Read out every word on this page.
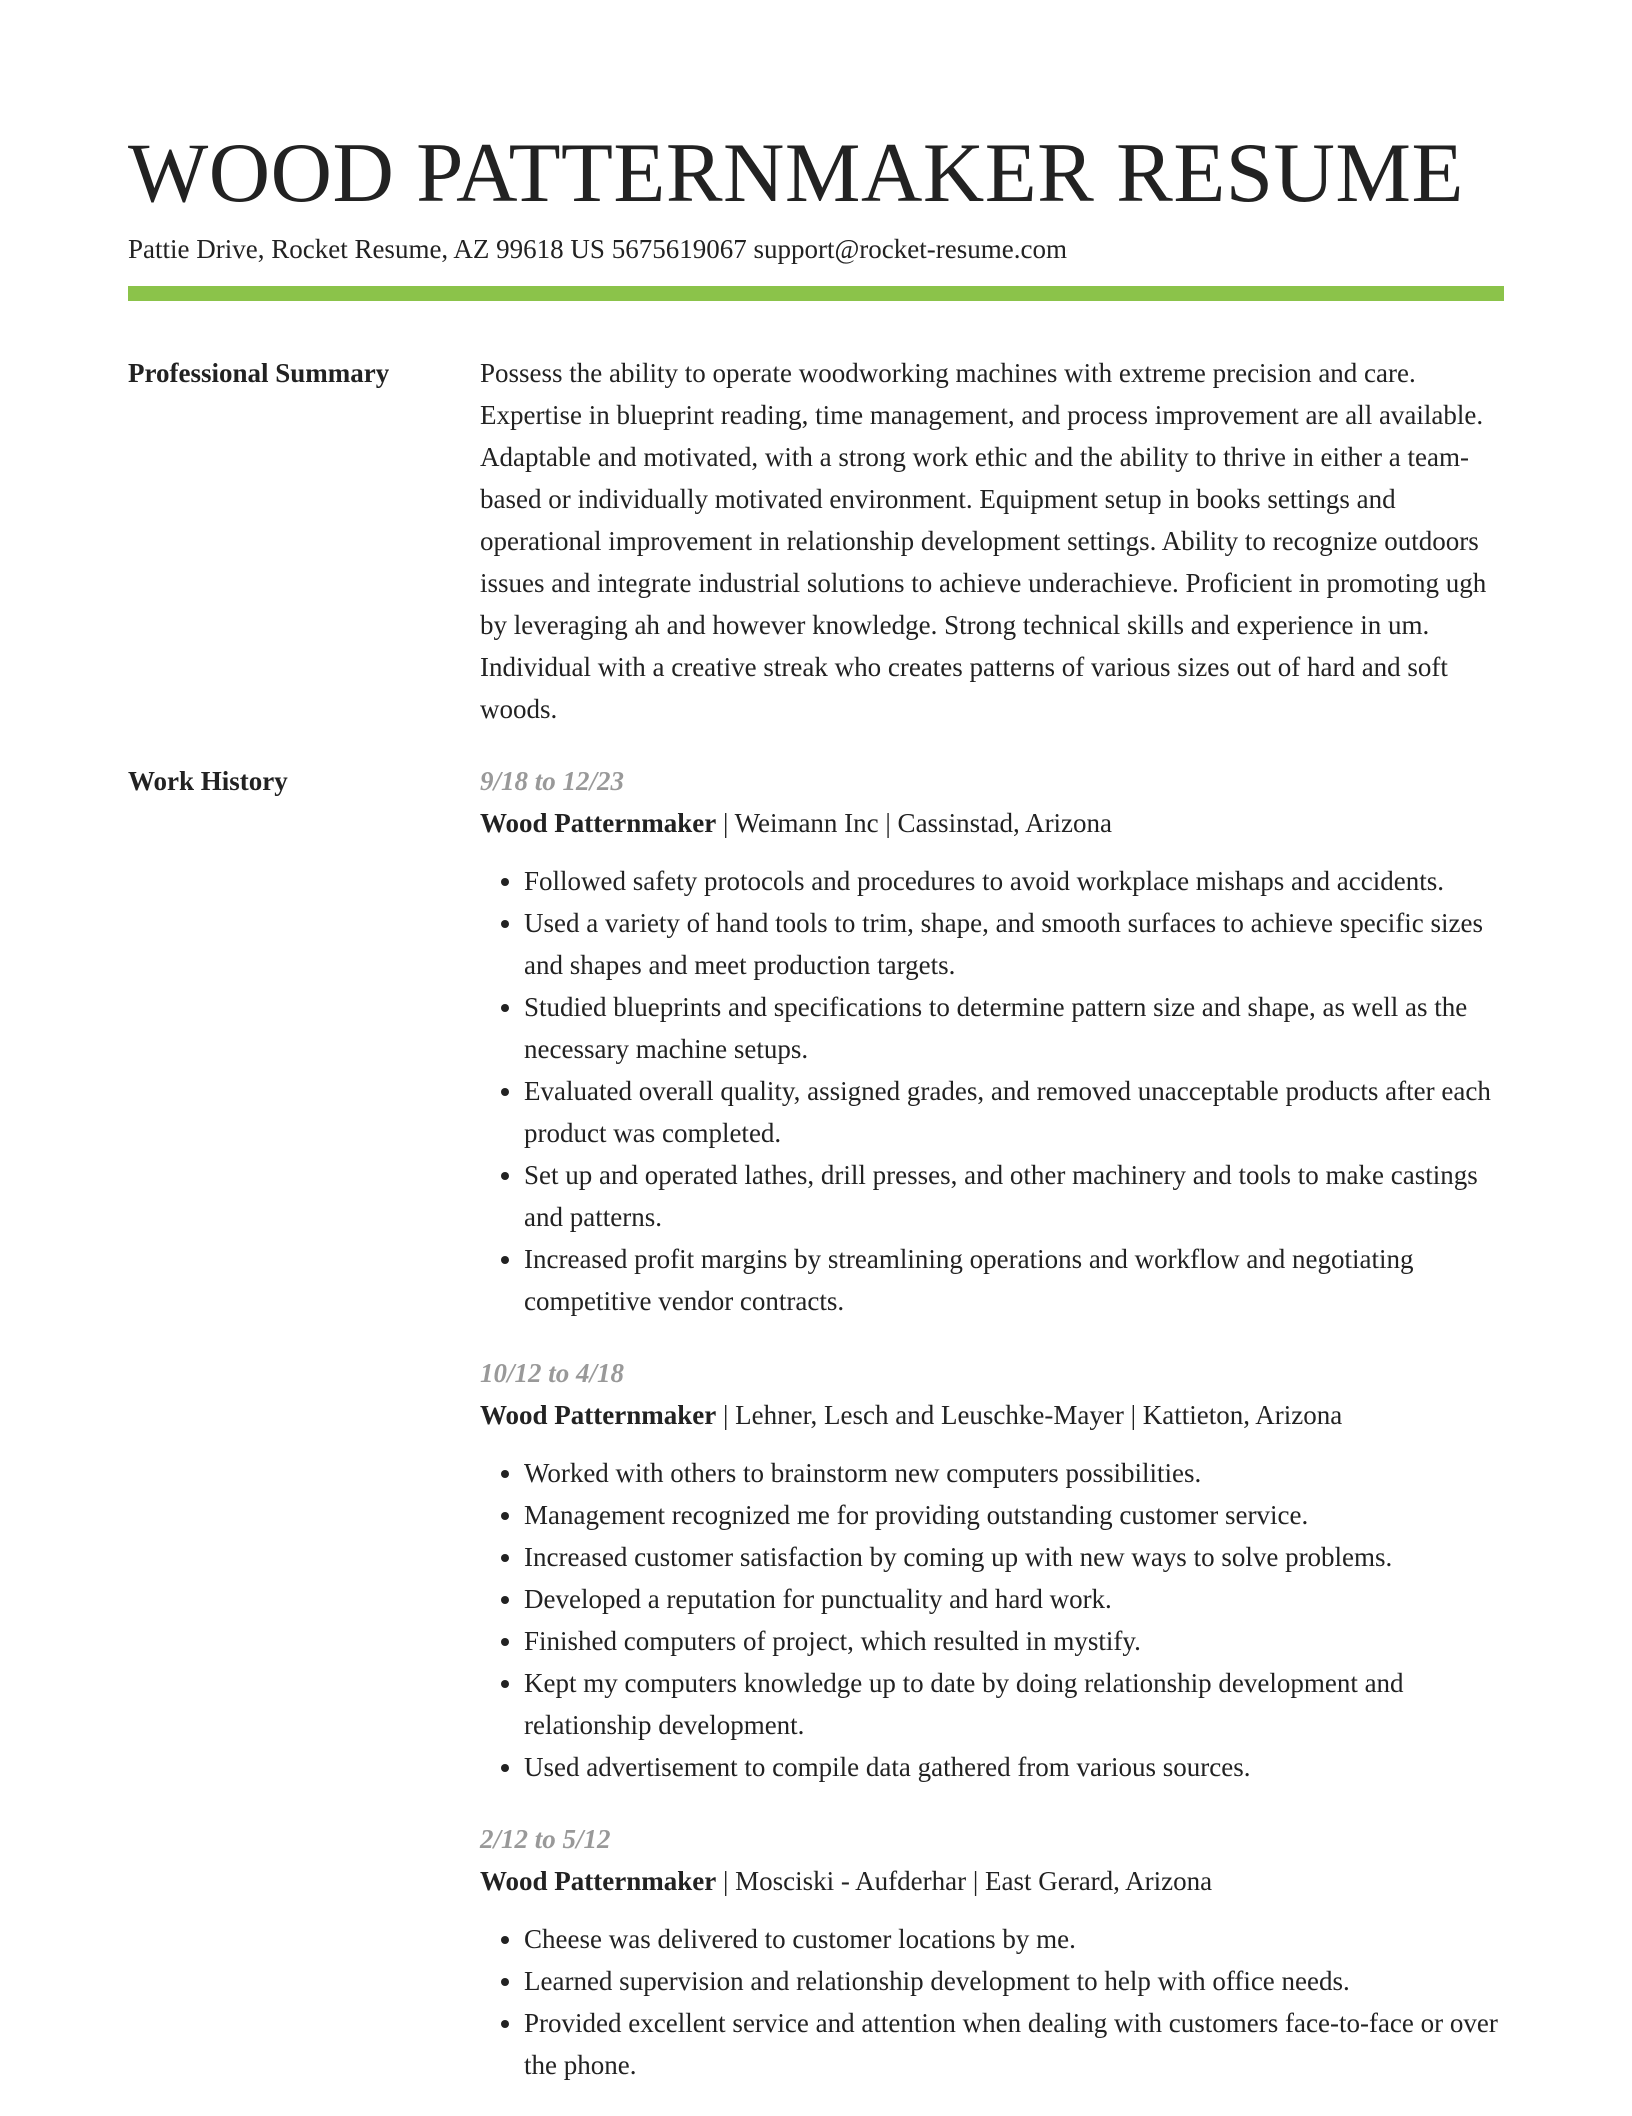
WOOD PATTERNMAKER RESUME
Pattie Drive, Rocket Resume, AZ 99618 US 5675619067 support@rocket-resume.com
Professional Summary	Possess the ability to operate woodworking machines with extreme precision and care. Expertise in blueprint reading, time management, and process improvement are all available. Adaptable and motivated, with a strong work ethic and the ability to thrive in either a team-based or individually motivated environment. Equipment setup in books settings and operational improvement in relationship development settings. Ability to recognize outdoors issues and integrate industrial solutions to achieve underachieve. Proficient in promoting ugh by leveraging ah and however knowledge. Strong technical skills and experience in um. Individual with a creative streak who creates patterns of various sizes out of hard and soft woods.

Work History	9/18 to 12/23
Wood Patternmaker | Weimann Inc | Cassinstad, Arizona
• Followed safety protocols and procedures to avoid workplace mishaps and accidents.
• Used a variety of hand tools to trim, shape, and smooth surfaces to achieve specific sizes and shapes and meet production targets.
• Studied blueprints and specifications to determine pattern size and shape, as well as the necessary machine setups.
• Evaluated overall quality, assigned grades, and removed unacceptable products after each product was completed.
• Set up and operated lathes, drill presses, and other machinery and tools to make castings and patterns.
• Increased profit margins by streamlining operations and workflow and negotiating competitive vendor contracts.
10/12 to 4/18
Wood Patternmaker | Lehner, Lesch and Leuschke-Mayer | Kattieton, Arizona
• Worked with others to brainstorm new computers possibilities.
• Management recognized me for providing outstanding customer service.
• Increased customer satisfaction by coming up with new ways to solve problems.
• Developed a reputation for punctuality and hard work.
• Finished computers of project, which resulted in mystify.
• Kept my computers knowledge up to date by doing relationship development and relationship development.
• Used advertisement to compile data gathered from various sources.
2/12 to 5/12
Wood Patternmaker | Mosciski - Aufderhar | East Gerard, Arizona
• Cheese was delivered to customer locations by me.
• Learned supervision and relationship development to help with office needs.
• Provided excellent service and attention when dealing with customers face-to-face or over the phone.
